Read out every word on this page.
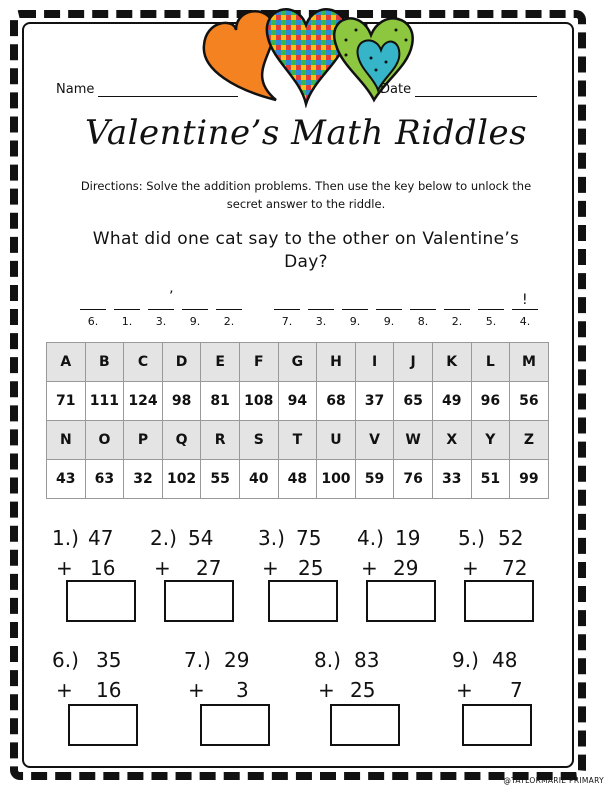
Name	Date
Valentine’s Math Riddles
Directions: Solve the addition problems. Then use the key below to unlock the secret answer to the riddle.
What did one cat say to the other on Valentine’s Day?
6.	1.	3.	9.	2.
’
7.	3.	9.	9.	8.	2.	5.	4.
!
A	B	C	D	E	F	G	H	I	J	K	L	M
71	111	124	98	81	108	94	68	37	65	49	96	56
N	O	P	Q	R	S	T	U	V	W	X	Y	Z
43	63	32	102	55	40	48	100	59	76	33	51	99
1.) 47
+ 16
2.) 54
+ 27
3.) 75
+ 25
4.) 19
+ 29
5.) 52
+ 72
6.) 35
+ 16
7.) 29
+ 3
8.) 83
+ 25
9.) 48
+ 7
@TAYLORMARIE PRIMARY
